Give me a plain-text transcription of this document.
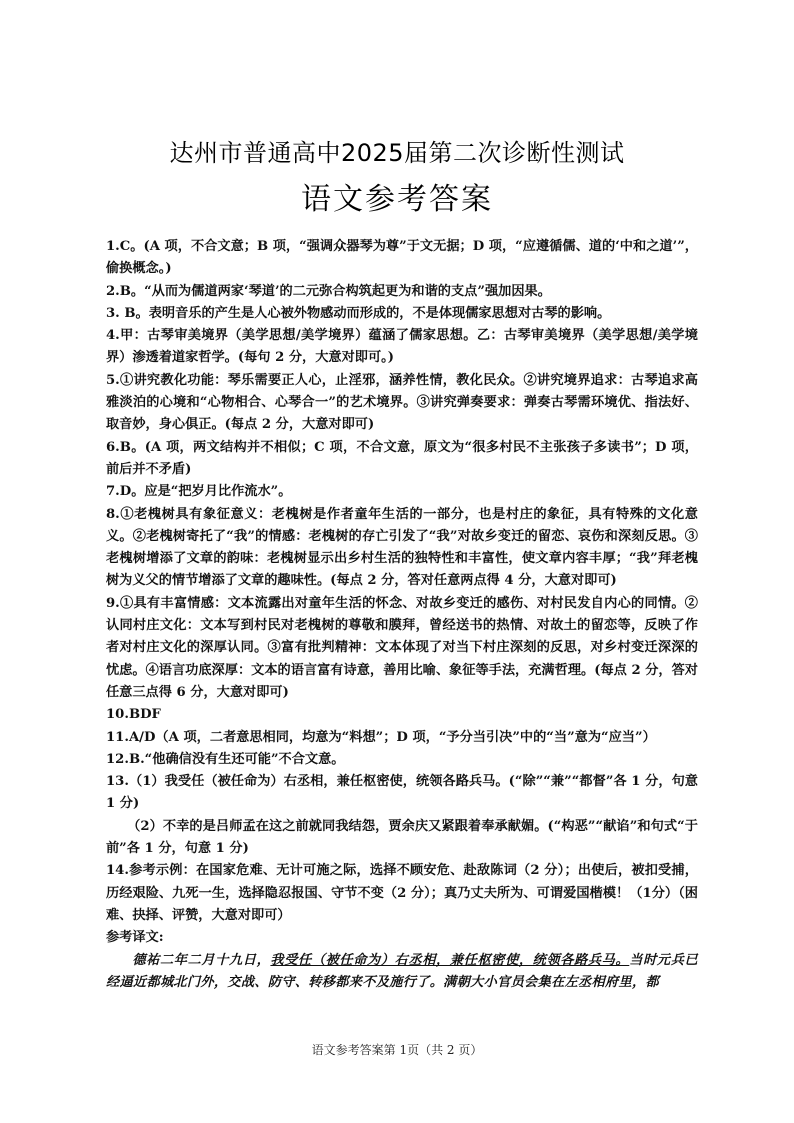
达州市普通高中2025届第二次诊断性测试
语文参考答案

1.C。(A 项，不合文意；B 项，“强调众器琴为尊”于文无据；D 项，“应遵循儒、道的‘中和之道’”，偷换概念。)

2.B。“从而为儒道两家‘琴道’的二元弥合构筑起更为和谐的支点”强加因果。

3. B。表明音乐的产生是人心被外物感动而形成的，不是体现儒家思想对古琴的影响。

4.甲：古琴审美境界（美学思想/美学境界）蕴涵了儒家思想。乙：古琴审美境界（美学思想/美学境界）渗透着道家哲学。(每句 2 分，大意对即可。)

5.①讲究教化功能：琴乐需要正人心，止淫邪，涵养性情，教化民众。②讲究境界追求：古琴追求高雅淡泊的心境和“心物相合、心琴合一”的艺术境界。③讲究弹奏要求：弹奏古琴需环境优、指法好、取音妙，身心俱正。(每点 2 分，大意对即可)

6.B。(A 项，两文结构并不相似；C 项，不合文意，原文为“很多村民不主张孩子多读书”；D 项，前后并不矛盾)

7.D。应是“把岁月比作流水”。

8.①老槐树具有象征意义：老槐树是作者童年生活的一部分，也是村庄的象征，具有特殊的文化意义。②老槐树寄托了“我”的情感：老槐树的存亡引发了“我”对故乡变迁的留恋、哀伤和深刻反思。③老槐树增添了文章的韵味：老槐树显示出乡村生活的独特性和丰富性，使文章内容丰厚；“我”拜老槐树为义父的情节增添了文章的趣味性。(每点 2 分，答对任意两点得 4 分，大意对即可)

9.①具有丰富情感：文本流露出对童年生活的怀念、对故乡变迁的感伤、对村民发自内心的同情。②认同村庄文化：文本写到村民对老槐树的尊敬和膜拜，曾经送书的热情、对故土的留恋等，反映了作者对村庄文化的深厚认同。③富有批判精神：文本体现了对当下村庄深刻的反思，对乡村变迁深深的忧虑。④语言功底深厚：文本的语言富有诗意，善用比喻、象征等手法，充满哲理。(每点 2 分，答对任意三点得 6 分，大意对即可)

10.BDF

11.A/D（A 项，二者意思相同，均意为“料想”；D 项，“予分当引决”中的“当”意为“应当”）

12.B.“他确信没有生还可能”不合文意。

13.（1）我受任（被任命为）右丞相，兼任枢密使，统领各路兵马。(“除”“兼”“都督”各 1 分，句意 1 分)

（2）不幸的是吕师孟在这之前就同我结怨，贾余庆又紧跟着奉承献媚。(“构恶”“献谄”和句式“于前”各 1 分，句意 1 分)

14.参考示例：在国家危难、无计可施之际，选择不顾安危、赴敌陈词（2 分）；出使后，被扣受捕，历经艰险、九死一生，选择隐忍报国、守节不变（2 分）；真乃丈夫所为、可谓爱国楷模！（1分）（困难、抉择、评赞，大意对即可）

参考译文:

德祐二年二月十九日，我受任（被任命为）右丞相，兼任枢密使，统领各路兵马。当时元兵已经逼近都城北门外，交战、防守、转移都来不及施行了。满朝大小官员会集在左丞相府里，都

语文参考答案第 1页（共 2 页）
